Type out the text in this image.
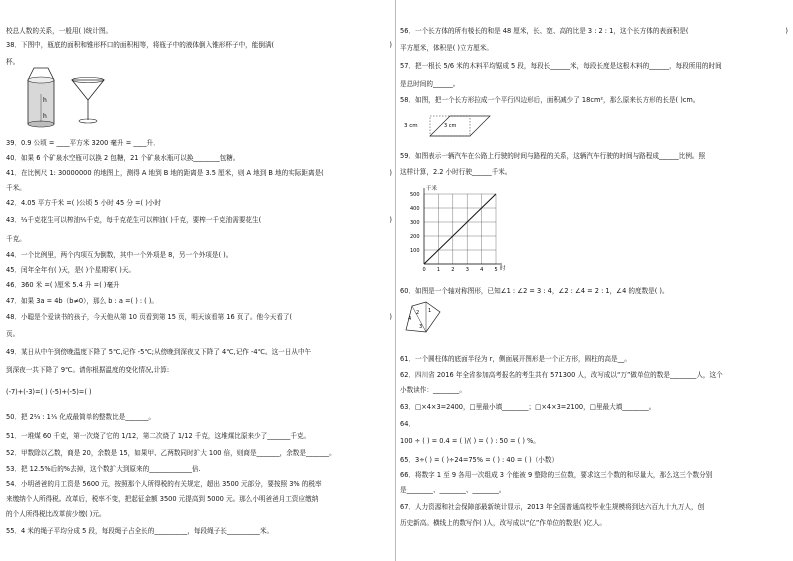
校总人数的关系，一般用( )统计图。
38．下图中，瓶底的面积和锥形杯口的面积相等，将瓶子中的液体倒入锥形杯子中，能倒满(	)
杯。
h
h
39．0.9 公顷 = ____平方米 3200 毫升 = ____升．
40．如果 6 个矿泉水空瓶可以换 2 包糖，21 个矿泉水瓶可以换________包糖。
41．在比例尺 1: 30000000 的地图上，测得 A 地到 B 地的距离是 3.5 厘米，则 A 地到 B 地的实际距离是(	)
千米。
42．4.05 平方千米 =( )公顷 5 小时 45 分 =( )小时
43．⅔千克花生可以榨油⅖千克，每千克花生可以榨油( )千克，要榨一千克油需要花生(	)
千克。
44．一个比例里，两个内项互为倒数，其中一个外项是 8，另一个外项是( )。
45．闰年全年有( )天，是( )个星期零( )天。
46．360 米 =( )厘米 5.4 升 =( )毫升
47．如果 3a = 4b（b≠0），那么 b : a =( ) : ( )。
48．小聪是个爱读书的孩子，今天他从第 10 页看到第 15 页，明天该看第 16 页了。他今天看了(	)
页。
49．某日从中午到傍晚温度下降了 5℃,记作 -5℃;从傍晚到深夜又下降了 4℃,记作 -4℃。这一日从中午
到深夜一共下降了 9℃。请你根据温度的变化情况,计算:
(-7)+(-3)=( ) (-5)+(-5)=( )
50．把 2⅔ : 1⅕ 化成最简单的整数比是_______。
51．一堆煤 60 千克，第一次烧了它的 1/12，第二次烧了 1/12 千克，这堆煤比原来少了_______千克。
52．甲数除以乙数，商是 20，余数是 15，如果甲、乙两数同时扩大 100 倍，则商是_______，余数是_______。
53．把 12.5%后的%去掉，这个数扩大到原来的_____________倍.
54．小明爸爸的月工资是 5600 元，按照那个人所得税的有关规定，超出 3500 元部分，要按照 3% 的税率
来缴纳个人所得税。改革后，税率不变，把起征金额 3500 元提高到 5000 元。那么小明爸爸月工资应缴纳
的个人所得税比改革前少缴( )元。
55．4 米的绳子平均分成 5 段，每段绳子占全长的__________，每段绳子长__________米。
56．一个长方体的所有棱长的和是 48 厘米，长、宽、高的比是 3 : 2 : 1，这个长方体的表面积是(	)
平方厘米，体积是( )立方厘米。
57．把一根长 5/6 米的木料平均锯成 5 段，每段长______米，每段长度是这根木料的______，每段所用的时间
是总时间的______。
58．如图，把一个长方形拉成一个平行四边形后，面积减少了 18cm²，那么原来长方形的长是( )cm。
3 cm	3 cm
59．如图表示一辆汽车在公路上行驶的时间与路程的关系，这辆汽车行驶的时间与路程成______比例。照
这样计算，2.2 小时行驶______千米。
千米
时
500
400
300
200
100
0 1 2 3 4 5
60．如图是一个轴对称图形，已知∠1 : ∠2 = 3 : 4，∠2 : ∠4 = 2 : 1，∠4 的度数是( )。
4
2 1
3
61．一个圆柱体的底面半径为 r，侧面展开图形是一个正方形，圆柱的高是__。
62．四川省 2016 年全省参加高考报名的考生共有 571300 人，改写成以“万”做单位的数是________人，这个
小数读作：________。
63．□×4×3=2400，□里最小填________；□×4×3=2100，□里最大填________。
64．
100 ÷ ( ) = 0.4 = ( )/( ) = ( ) : 50 = ( ) %。
65．3÷( ) = ( )÷24=75% = ( ) : 40 = ( )（小数）
66．将数字 1 至 9 各用一次组成 3 个能被 9 整除的三位数，要求这三个数的和尽量大，那么这三个数分别
是________、________、________。
67．人力资源和社会保障部最新统计显示，2013 年全国普通高校毕业生规模将到达六百九十九万人，创
历史新高。横线上的数写作( )人，改写成以“亿”作单位的数是( )亿人。
